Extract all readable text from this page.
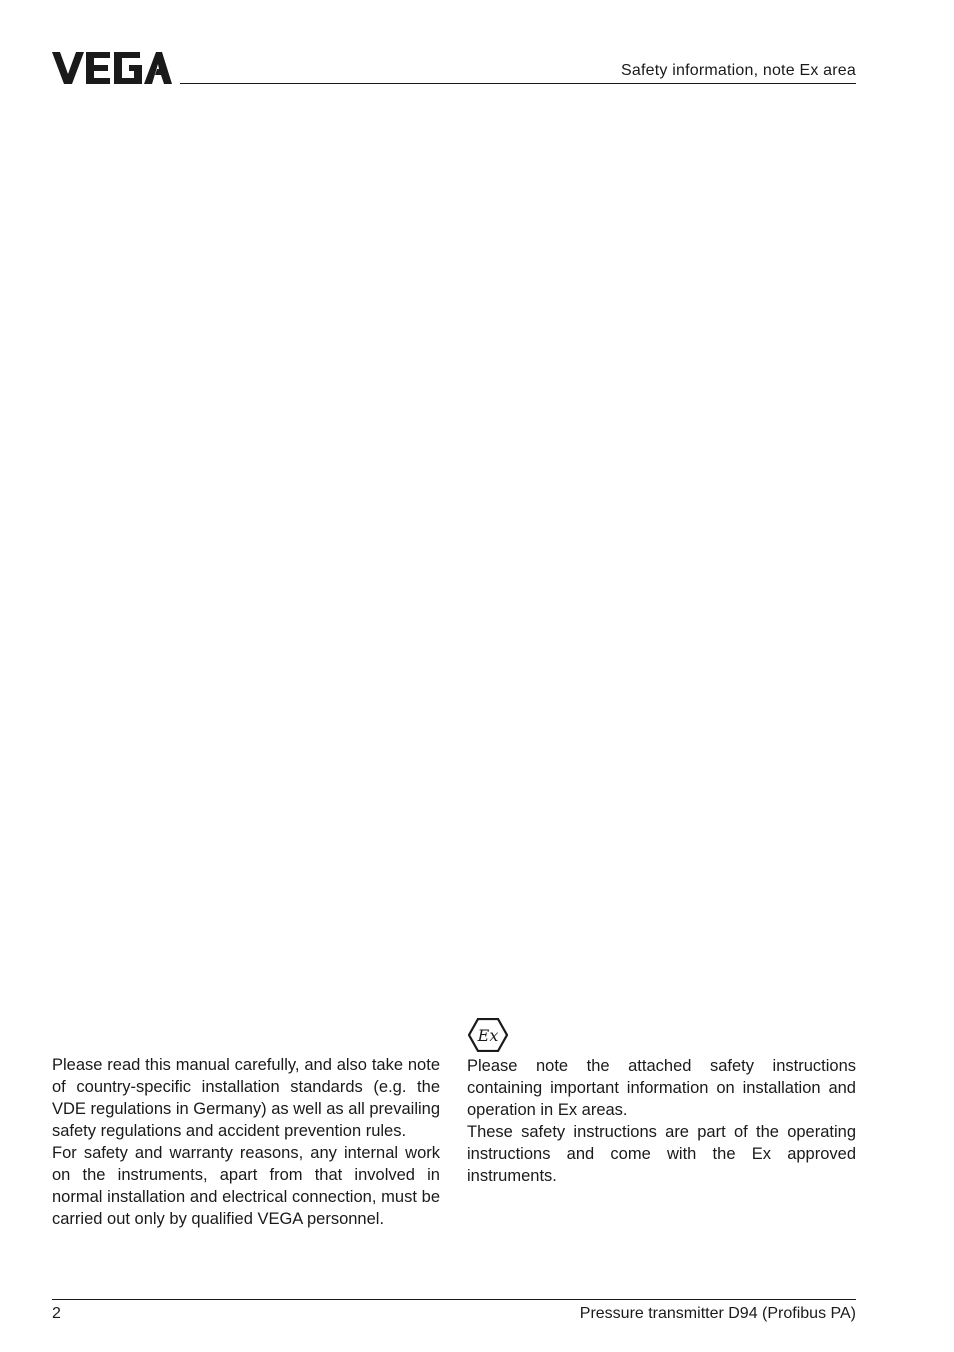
Safety information, note Ex area

Please read this manual carefully, and also take note of country-specific installation standards (e.g. the VDE regulations in Germany) as well as all prevailing safety regulations and accident prevention rules.

For safety and warranty reasons, any internal work on the instruments, apart from that involved in normal installation and electrical connection, must be carried out only by qualified VEGA personnel.

Ex

Please note the attached safety instructions containing important information on installation and operation in Ex areas.

These safety instructions are part of the operating instructions and come with the Ex approved instruments.

2	Pressure transmitter D94 (Profibus PA)
